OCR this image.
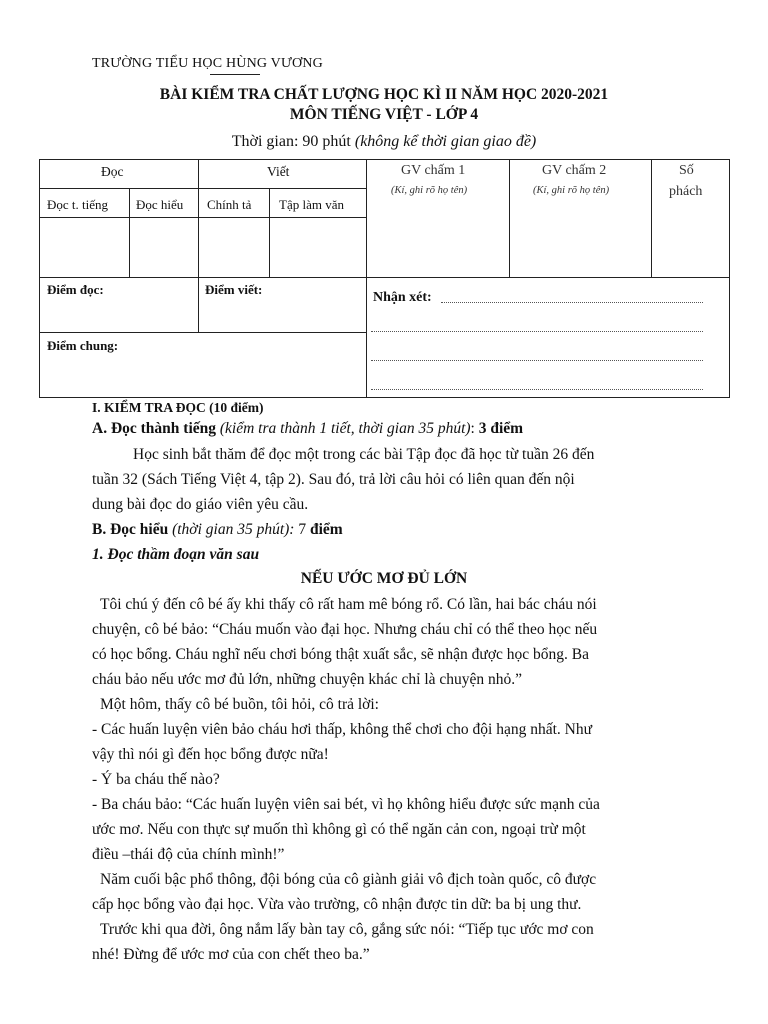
TRƯỜNG TIỂU HỌC HÙNG VƯƠNG
BÀI KIỂM TRA CHẤT LƯỢNG HỌC KÌ II NĂM HỌC 2020-2021
MÔN TIẾNG VIỆT - LỚP 4
Thời gian: 90 phút (không kể thời gian giao đề)
Đọc	Viết
Đọc t. tiếng Đọc hiểu Chính tả Tập làm văn
GV chấm 1
(Kí, ghi rõ họ tên)
GV chấm 2
(Kí, ghi rõ họ tên)
Số
phách
Điểm đọc:	Điểm viết:
Điểm chung:
Nhận xét:
I. KIỂM TRA ĐỌC (10 điểm)
A. Đọc thành tiếng (kiểm tra thành 1 tiết, thời gian 35 phút): 3 điểm
Học sinh bắt thăm để đọc một trong các bài Tập đọc đã học từ tuần 26 đến
tuần 32 (Sách Tiếng Việt 4, tập 2). Sau đó, trả lời câu hỏi có liên quan đến nội
dung bài đọc do giáo viên yêu cầu.
B. Đọc hiểu (thời gian 35 phút): 7 điểm
1. Đọc thầm đoạn văn sau
NẾU ƯỚC MƠ ĐỦ LỚN
Tôi chú ý đến cô bé ấy khi thấy cô rất ham mê bóng rổ. Có lần, hai bác cháu nói
chuyện, cô bé bảo: “Cháu muốn vào đại học. Nhưng cháu chỉ có thể theo học nếu
có học bổng. Cháu nghĩ nếu chơi bóng thật xuất sắc, sẽ nhận được học bổng. Ba
cháu bảo nếu ước mơ đủ lớn, những chuyện khác chỉ là chuyện nhỏ.”
Một hôm, thấy cô bé buồn, tôi hỏi, cô trả lời:
- Các huấn luyện viên bảo cháu hơi thấp, không thể chơi cho đội hạng nhất. Như
vậy thì nói gì đến học bổng được nữa!
- Ý ba cháu thế nào?
- Ba cháu bảo: “Các huấn luyện viên sai bét, vì họ không hiểu được sức mạnh của
ước mơ. Nếu con thực sự muốn thì không gì có thể ngăn cản con, ngoại trừ một
điều –thái độ của chính mình!”
Năm cuối bậc phổ thông, đội bóng của cô giành giải vô địch toàn quốc, cô được
cấp học bổng vào đại học. Vừa vào trường, cô nhận được tin dữ: ba bị ung thư.
Trước khi qua đời, ông nắm lấy bàn tay cô, gắng sức nói: “Tiếp tục ước mơ con
nhé! Đừng để ước mơ của con chết theo ba.”
